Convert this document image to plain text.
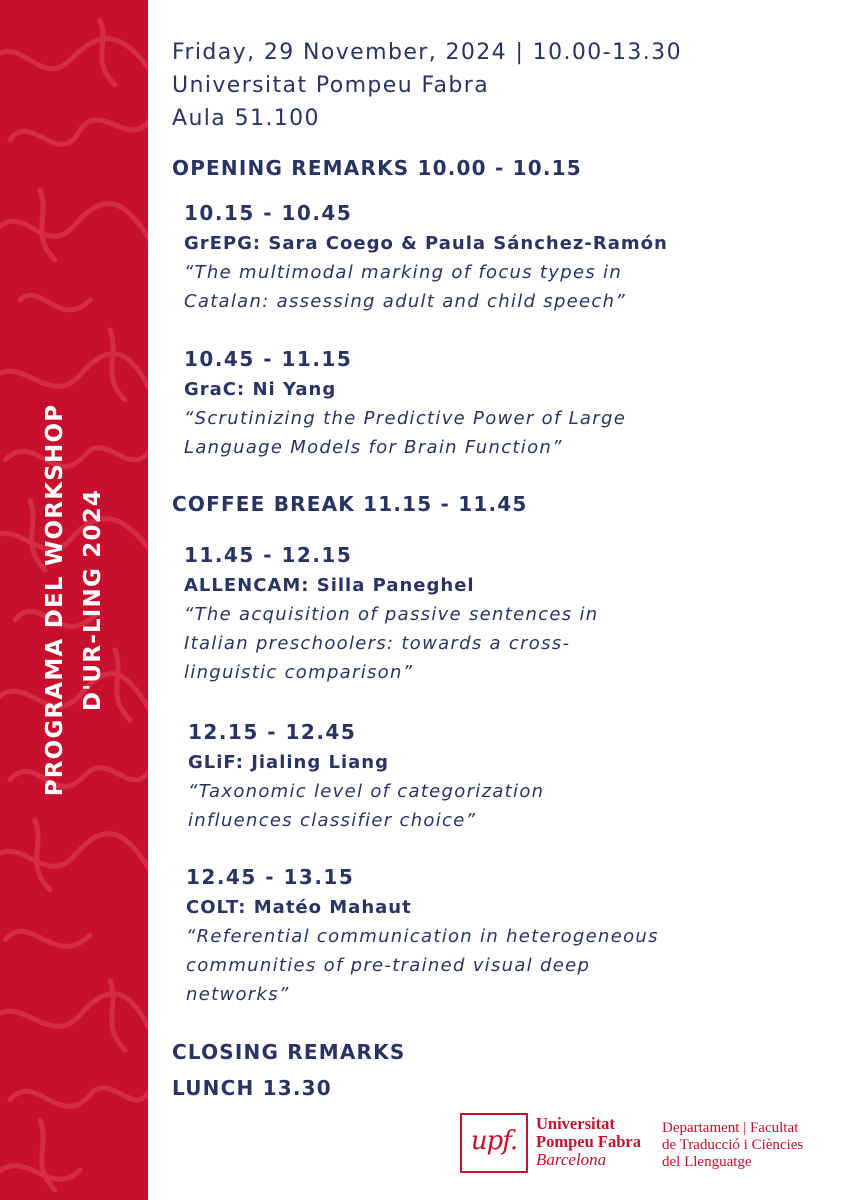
PROGRAMA DEL WORKSHOP D'UR-LING 2024
Friday, 29 November, 2024 | 10.00-13.30
Universitat Pompeu Fabra
Aula 51.100
OPENING REMARKS 10.00 - 10.15
10.15 - 10.45
GrEPG: Sara Coego & Paula Sánchez-Ramón
“The multimodal marking of focus types in
Catalan: assessing adult and child speech”
10.45 - 11.15
GraC: Ni Yang
“Scrutinizing the Predictive Power of Large
Language Models for Brain Function”
COFFEE BREAK 11.15 - 11.45
11.45 - 12.15
ALLENCAM: Silla Paneghel
“The acquisition of passive sentences in
Italian preschoolers: towards a cross-
linguistic comparison”
12.15 - 12.45
GLiF: Jialing Liang
“Taxonomic level of categorization
influences classifier choice”
12.45 - 13.15
COLT: Matéo Mahaut
“Referential communication in heterogeneous
communities of pre-trained visual deep
networks”
CLOSING REMARKS
LUNCH 13.30
upf.
Universitat
Pompeu Fabra
Barcelona
Departament | Facultat
de Traducció i Ciències
del Llenguatge
